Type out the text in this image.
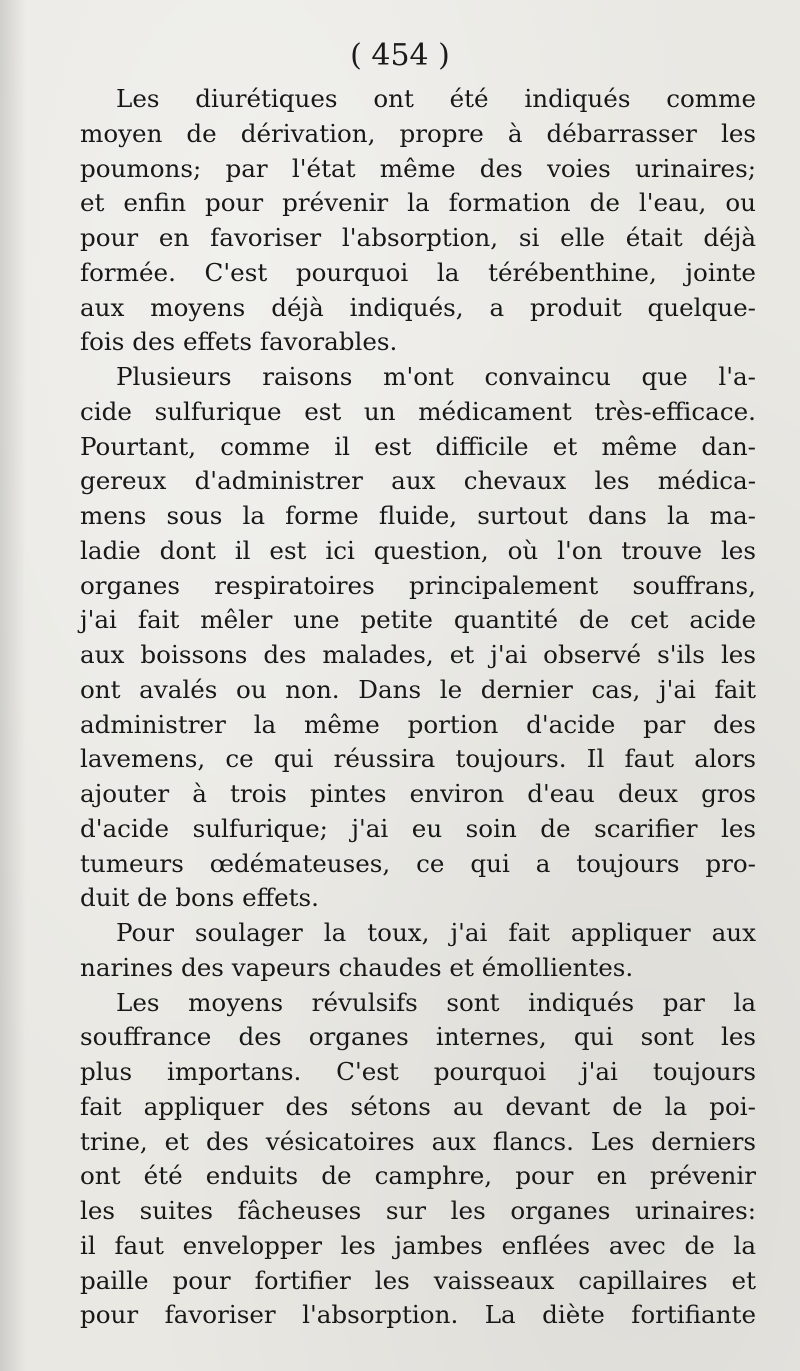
( 454 )

Les diurétiques ont été indiqués comme
moyen de dérivation, propre à débarrasser les
poumons; par l'état même des voies urinaires;
et enfin pour prévenir la formation de l'eau, ou
pour en favoriser l'absorption, si elle était déjà
formée. C'est pourquoi la térébenthine, jointe
aux moyens déjà indiqués, a produit quelque-
fois des effets favorables.
Plusieurs raisons m'ont convaincu que l'a-
cide sulfurique est un médicament très-efficace.
Pourtant, comme il est difficile et même dan-
gereux d'administrer aux chevaux les médica-
mens sous la forme fluide, surtout dans la ma-
ladie dont il est ici question, où l'on trouve les
organes respiratoires principalement souffrans,
j'ai fait mêler une petite quantité de cet acide
aux boissons des malades, et j'ai observé s'ils les
ont avalés ou non. Dans le dernier cas, j'ai fait
administrer la même portion d'acide par des
lavemens, ce qui réussira toujours. Il faut alors
ajouter à trois pintes environ d'eau deux gros
d'acide sulfurique; j'ai eu soin de scarifier les
tumeurs œdémateuses, ce qui a toujours pro-
duit de bons effets.
Pour soulager la toux, j'ai fait appliquer aux
narines des vapeurs chaudes et émollientes.
Les moyens révulsifs sont indiqués par la
souffrance des organes internes, qui sont les
plus importans. C'est pourquoi j'ai toujours
fait appliquer des sétons au devant de la poi-
trine, et des vésicatoires aux flancs. Les derniers
ont été enduits de camphre, pour en prévenir
les suites fâcheuses sur les organes urinaires:
il faut envelopper les jambes enflées avec de la
paille pour fortifier les vaisseaux capillaires et
pour favoriser l'absorption. La diète fortifiante
